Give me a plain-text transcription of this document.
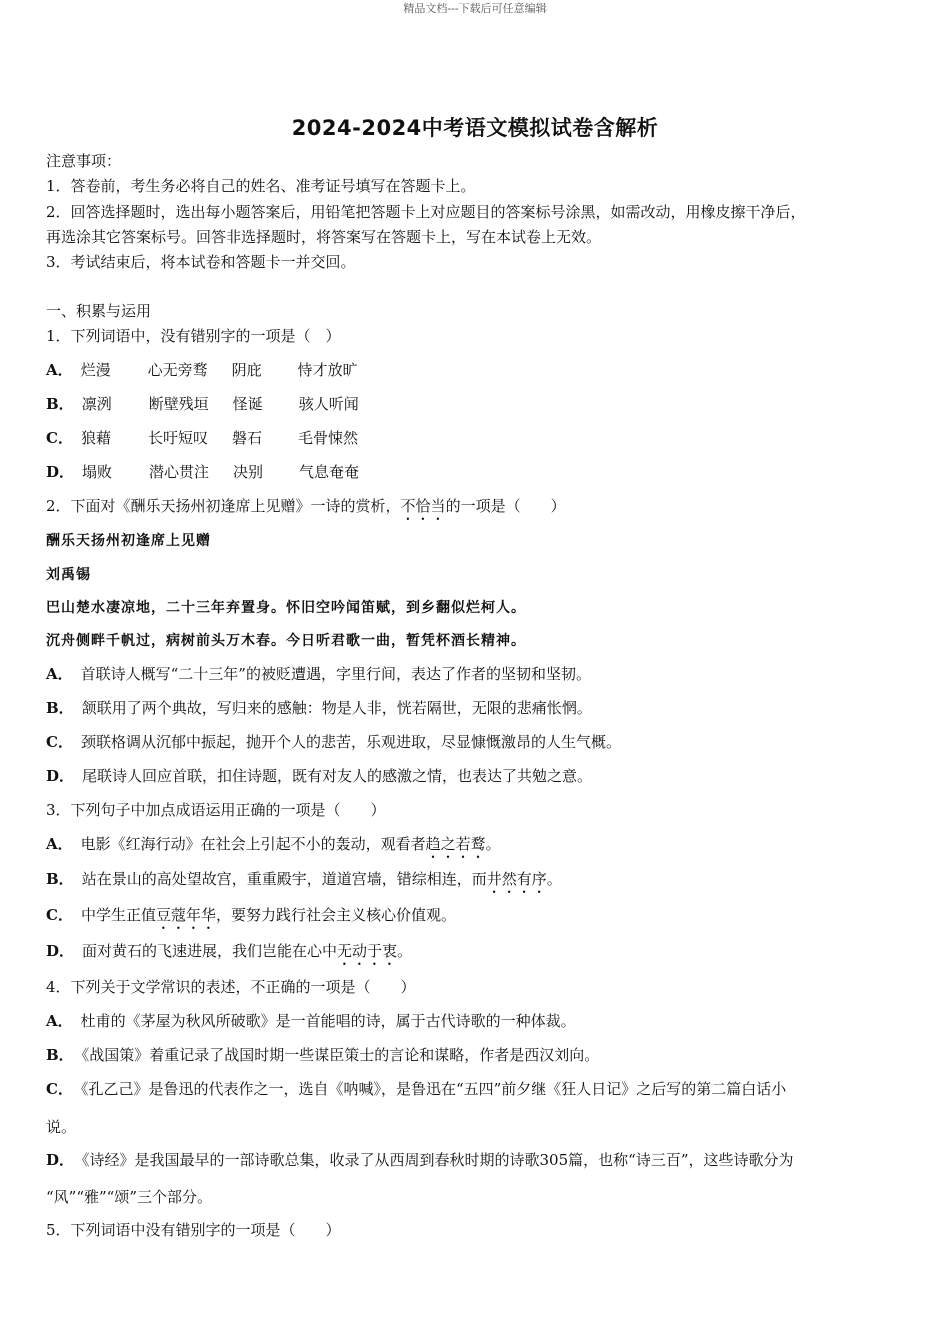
精品文档---下载后可任意编辑
2024-2024中考语文模拟试卷含解析
注意事项：
1．答卷前，考生务必将自己的姓名、准考证号填写在答题卡上。
2．回答选择题时，选出每小题答案后，用铅笔把答题卡上对应题目的答案标号涂黑，如需改动，用橡皮擦干净后，
再选涂其它答案标号。回答非选择题时，将答案写在答题卡上，写在本试卷上无效。
3．考试结束后，将本试卷和答题卡一并交回。
一、积累与运用
1．下列词语中，没有错别字的一项是（　）
A． 烂漫 心无旁骛 阴庇 恃才放旷
B． 凛洌 断壁残垣 怪诞 骇人听闻
C． 狼藉 长吁短叹 磐石 毛骨悚然
D． 塌败 潜心贯注 决别 气息奄奄
2．下面对《酬乐天扬州初逢席上见赠》一诗的赏析，不恰当的一项是（　　）
酬乐天扬州初逢席上见赠
刘禹锡
巴山楚水凄凉地，二十三年弃置身。怀旧空吟闻笛赋，到乡翻似烂柯人。
沉舟侧畔千帆过，病树前头万木春。今日听君歌一曲，暂凭杯酒长精神。
A． 首联诗人概写“二十三年”的被贬遭遇，字里行间，表达了作者的坚韧和坚韧。
B． 颔联用了两个典故，写归来的感触：物是人非，恍若隔世，无限的悲痛怅惘。
C． 颈联格调从沉郁中振起，抛开个人的悲苦，乐观进取，尽显慷慨激昂的人生气概。
D． 尾联诗人回应首联，扣住诗题，既有对友人的感激之情，也表达了共勉之意。
3．下列句子中加点成语运用正确的一项是（　　）
A． 电影《红海行动》在社会上引起不小的轰动，观看者趋之若鹜。
B． 站在景山的高处望故宫，重重殿宇，道道宫墙，错综相连，而井然有序。
C． 中学生正值豆蔻年华，要努力践行社会主义核心价值观。
D． 面对黄石的飞速进展，我们岂能在心中无动于衷。
4．下列关于文学常识的表述，不正确的一项是（　　）
A． 杜甫的《茅屋为秋风所破歌》是一首能唱的诗，属于古代诗歌的一种体裁。
B． 《战国策》着重记录了战国时期一些谋臣策士的言论和谋略，作者是西汉刘向。
C． 《孔乙己》是鲁迅的代表作之一，选自《呐喊》，是鲁迅在“五四”前夕继《狂人日记》之后写的第二篇白话小
说。
D． 《诗经》是我国最早的一部诗歌总集，收录了从西周到春秋时期的诗歌305篇，也称“诗三百”，这些诗歌分为
“风”“雅”“颂”三个部分。
5．下列词语中没有错别字的一项是（　　）
